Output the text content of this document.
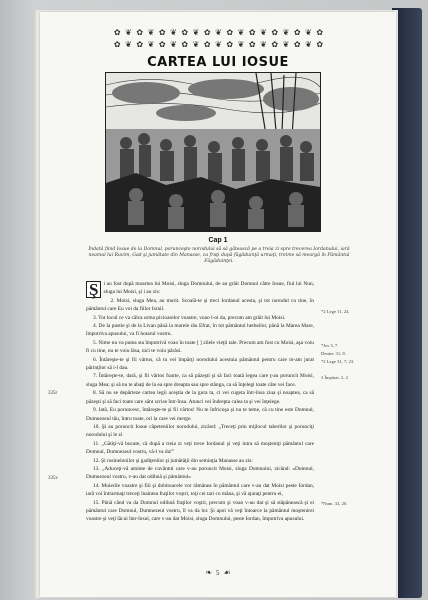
✿ ❦ ✿ ❦ ✿ ❦ ✿ ❦ ✿ ❦ ✿ ❦ ✿ ❦ ✿ ❦ ✿ ❦ ✿
✿ ❦ ✿ ❦ ✿ ❦ ✿ ❦ ✿ ❦ ✿ ❦ ✿ ❦ ✿ ❦ ✿ ❦ ✿
CARTEA LUI IOSUE
Cap 1
Îndată fiind Iosue de la Domnul, porunceşte norodului să să gătească pe a treia zi spre trecerea Iordanului, iară neamul lui Ruvim, Gad şi jumătate din Manasse, ca fraţi după făgăduinţă urmaţi, treime să meargă în Pământul Făgăduinţei.
335r
335v

Ş i au fost după moartea lui Moisi, sluga Domnului, de au grăit Domnul către Iosue, fiul lui Nun, sluga lui Moisi, şi i au zis:

2. Moisi, sluga Mea, au murit. Scoală-te şi treci Iordanul acesta, şi tot norodul cu tine, în pământul care Eu voi da fiilor Israil.

3. Tot locul ce va călca urma picioarelor voastre, voao l-oi da, precum am grăit lui Moisi.

4. De la pustie şi de la Livan până la marele râu Efrat, în tot pământul hetheilor, până la Marea Mare, împotriva apusului, va fi hotarul vostru.

5. Nime nu va putea sta împotrivă voao în toate [ ] zilele vieţii tale. Precum am fost cu Moisi, aşa voiu fi cu tine, nu te voiu lăsa, nici te voiu părăsi.

6. Întăreşte-te şi fii vârtos, că tu vei împărţi norodului acestuia pământul pentru care m-am jurat părinţilor să i-l dau.

7. Întăreşte-te, dară, şi fii vârtos foarte, ca să păzeşti şi să faci toată legea care ţ-au poruncit Moisi, sluga Mea; şi să nu te abaţi de la ea spre dreapta sau spre stânga, ca să înţelegi toate câte vei face.

8. Să nu se depărteze cartea legii aceştia de la gura ta, ci vei cugeta într-însa ziua şi noaptea, ca să păzeşti şi să faci toate care sânt scrise într-însa. Atunci vei îndrepta calea ta şi vei înţelege.

9. Iată, Eu poruncesc, întăreşte-te şi fii vârtos! Nu te înfricoşa şi nu te teme, că cu tine este Domnul, Dumnezeul tău, întru toate, ori la care vei merge.

10. Şi au poruncit Iosue căpeteniilor norodului, zicând: „Treceţi prin mijlocul taberilor şi porunciţi norodului şi le zi

11. „Gătiţi-vă bucate, că după a treia zi veţi trece Iordanul şi veţi intra să moşteniţi pământul care Domnul, Dumnezeul vostru, vă-l va da!”

12. Şi rusinelonilor şi gadiţenilor şi jumătăţii din seminţia Manasse au zis:

13. „Aduceţi-vă aminte de cuvântul care v-au poruncit Moisi, sluga Domnului, zicând: «Domnul, Dumnezeul vostru, v-au dat odihnă şi pământul»

14. Muierile voastre şi fiii şi dobitoacele vor rămânea în pământul care v-au dat Moisi peste Iordan, iară voi întrarmaţi treceţi înaintea fraţilor voştri, toţi cei tari cu mâna, şi vă ajutaţi pentru ei,

15. Până când va da Domnul odihnă fraţilor voştri, precum şi voao v-au dat şi să stăpânească şi ei pământul care Domnul, Dumnezeul vostru, îl va da lor. Şi apoi vă veţi întoarce la pământul moştenirei voastre şi veţi lăcui într-însul, care v-au dat Moisi, sluga Domnului, peste Iordan, împotriva apusului.

*2 Lege 11, 24.
*Jos 3, 7.
Deuter. 31, 8.
*2 Lege 31, 7, 23.
3 Împărat. 2, 2
*Num. 32, 20.
❧ 5 ☙
